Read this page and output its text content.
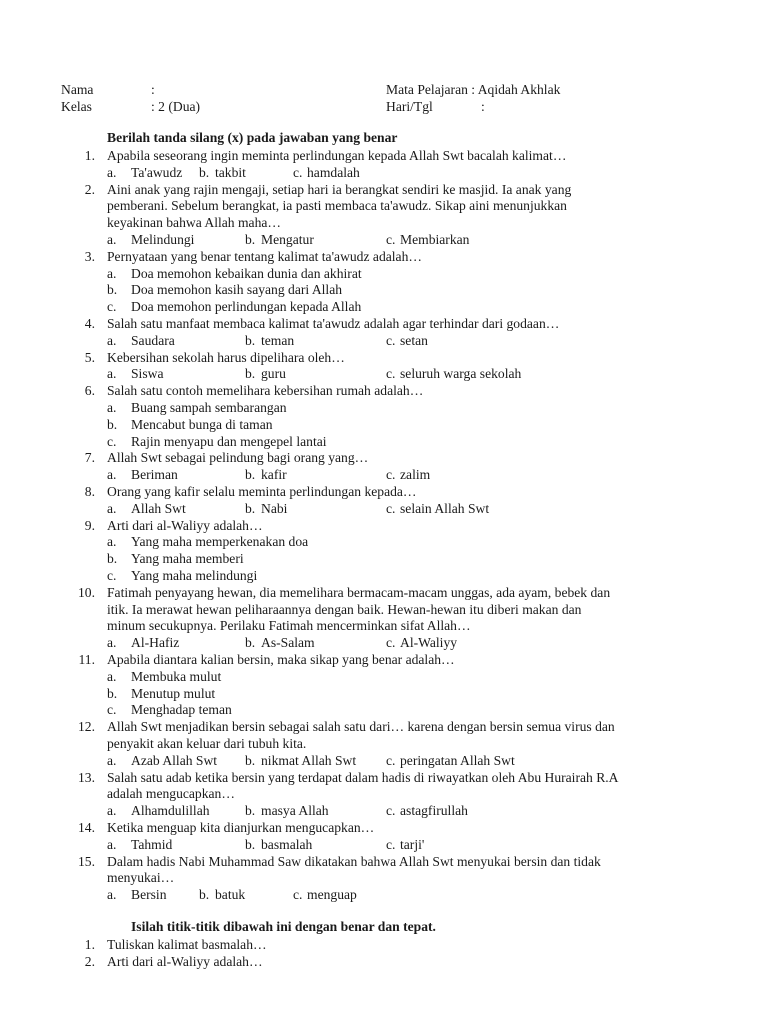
Nama	:	Mata Pelajaran : Aqidah Akhlak
Kelas	: 2 (Dua)	Hari/Tgl	:
Berilah tanda silang (x) pada jawaban yang benar
1. Apabila seseorang ingin meminta perlindungan kepada Allah Swt bacalah kalimat…
a. Ta'awudz b. takbit	c. hamdalah
2. Aini anak yang rajin mengaji, setiap hari ia berangkat sendiri ke masjid. Ia anak yang
pemberani. Sebelum berangkat, ia pasti membaca ta'awudz. Sikap aini menunjukkan
keyakinan bahwa Allah maha…
a. Melindungi	b. Mengatur	c. Membiarkan
3. Pernyataan yang benar tentang kalimat ta'awudz adalah…
a. Doa memohon kebaikan dunia dan akhirat
b. Doa memohon kasih sayang dari Allah
c. Doa memohon perlindungan kepada Allah
4. Salah satu manfaat membaca kalimat ta'awudz adalah agar terhindar dari godaan…
a. Saudara	b. teman	c. setan
5. Kebersihan sekolah harus dipelihara oleh…
a. Siswa	b. guru	c. seluruh warga sekolah
6. Salah satu contoh memelihara kebersihan rumah adalah…
a. Buang sampah sembarangan
b. Mencabut bunga di taman
c. Rajin menyapu dan mengepel lantai
7. Allah Swt sebagai pelindung bagi orang yang…
a. Beriman	b. kafir	c. zalim
8. Orang yang kafir selalu meminta perlindungan kepada…
a. Allah Swt	b. Nabi	c. selain Allah Swt
9. Arti dari al-Waliyy adalah…
a. Yang maha memperkenakan doa
b. Yang maha memberi
c. Yang maha melindungi
10. Fatimah penyayang hewan, dia memelihara bermacam-macam unggas, ada ayam, bebek dan
itik. Ia merawat hewan peliharaannya dengan baik. Hewan-hewan itu diberi makan dan
minum secukupnya. Perilaku Fatimah mencerminkan sifat Allah…
a. Al-Hafiz	b. As-Salam	c. Al-Waliyy
11. Apabila diantara kalian bersin, maka sikap yang benar adalah…
a. Membuka mulut
b. Menutup mulut
c. Menghadap teman
12. Allah Swt menjadikan bersin sebagai salah satu dari… karena dengan bersin semua virus dan
penyakit akan keluar dari tubuh kita.
a. Azab Allah Swt b. nikmat Allah Swt c. peringatan Allah Swt
13. Salah satu adab ketika bersin yang terdapat dalam hadis di riwayatkan oleh Abu Hurairah R.A
adalah mengucapkan…
a. Alhamdulillah	b. masya Allah	c. astagfirullah
14. Ketika menguap kita dianjurkan mengucapkan…
a. Tahmid	b. basmalah	c. tarji'
15. Dalam hadis Nabi Muhammad Saw dikatakan bahwa Allah Swt menyukai bersin dan tidak
menyukai…
a. Bersin b. batuk	c. menguap
Isilah titik-titik dibawah ini dengan benar dan tepat.
1. Tuliskan kalimat basmalah…
2. Arti dari al-Waliyy adalah…
